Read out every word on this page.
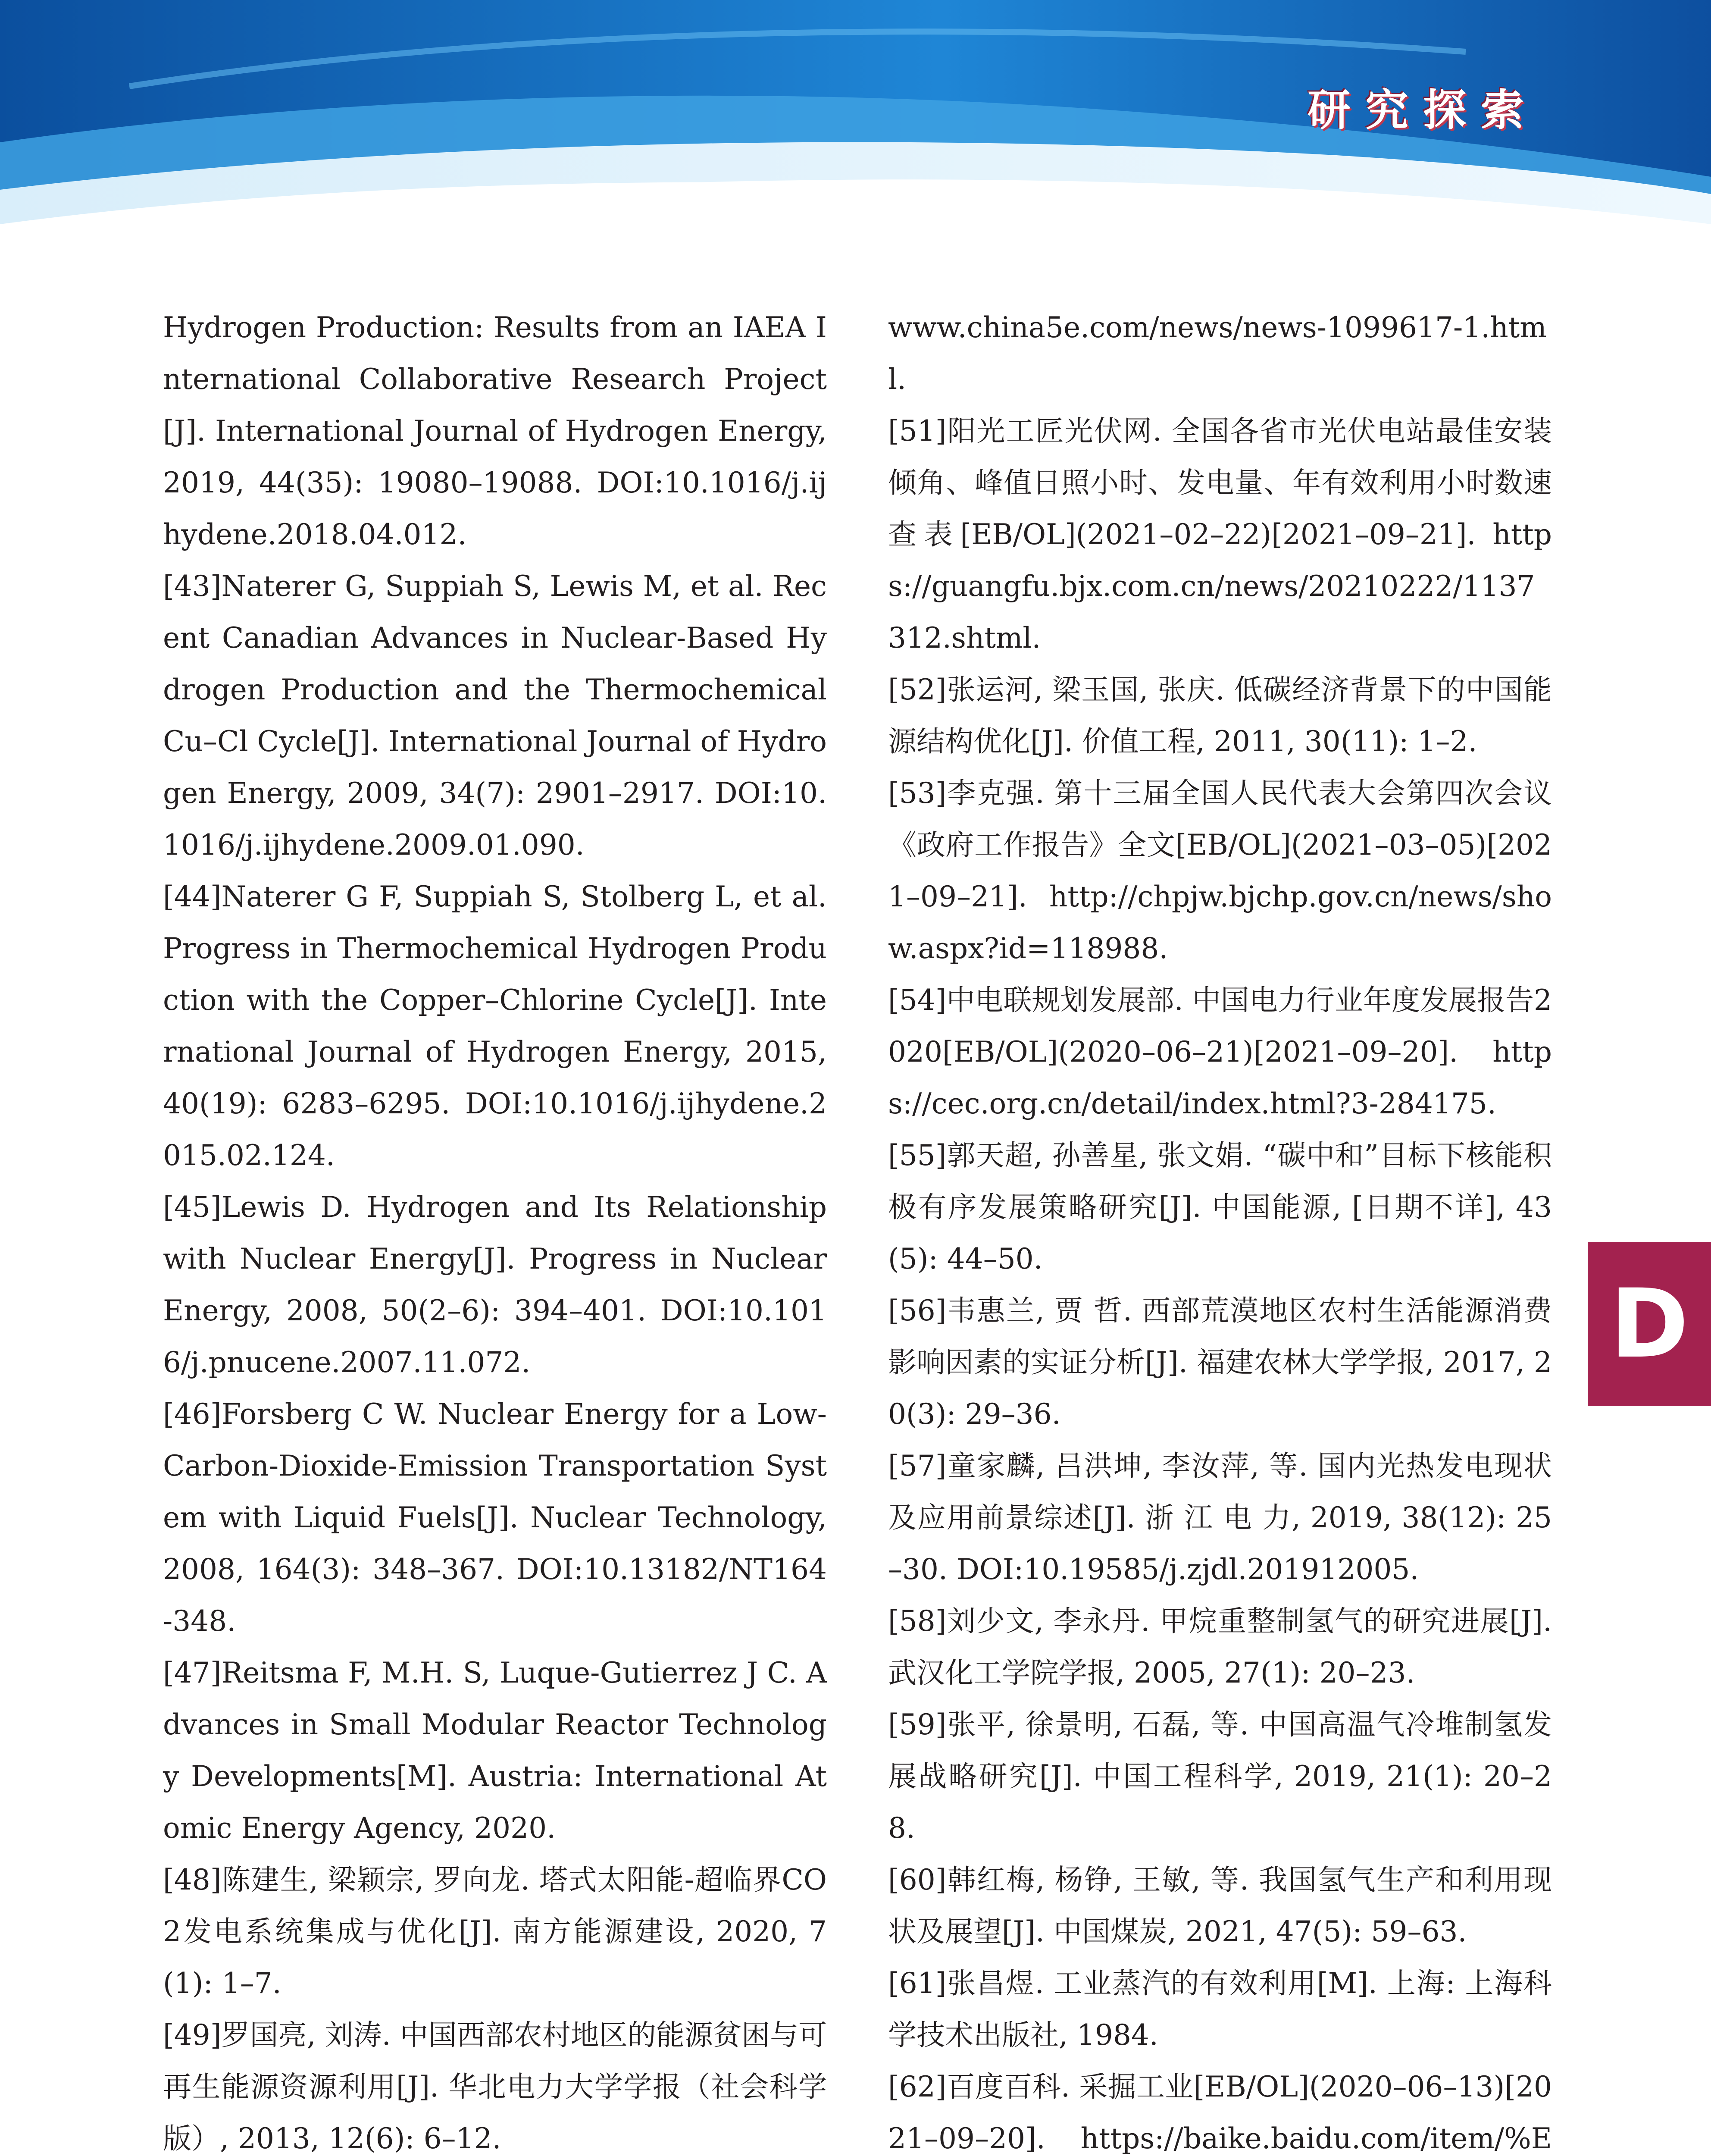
研究探索

Hydrogen Production: Results from an IAEA International Collaborative Research Project[J]. International Journal of Hydrogen Energy, 2019, 44(35): 19080–19088. DOI:10.1016/j.ijhydene.2018.04.012.

[43]Naterer G, Suppiah S, Lewis M, et al. Recent Canadian Advances in Nuclear-Based Hydrogen Production and the Thermochemical Cu–Cl Cycle[J]. International Journal of Hydrogen Energy, 2009, 34(7): 2901–2917. DOI:10.1016/j.ijhydene.2009.01.090.

[44]Naterer G F, Suppiah S, Stolberg L, et al. Progress in Thermochemical Hydrogen Production with the Copper–Chlorine Cycle[J]. International Journal of Hydrogen Energy, 2015, 40(19): 6283–6295. DOI:10.1016/j.ijhydene.2015.02.124.

[45]Lewis D. Hydrogen and Its Relationship with Nuclear Energy[J]. Progress in Nuclear Energy, 2008, 50(2–6): 394–401. DOI:10.1016/j.pnucene.2007.11.072.

[46]Forsberg C W. Nuclear Energy for a Low-Carbon-Dioxide-Emission Transportation System with Liquid Fuels[J]. Nuclear Technology, 2008, 164(3): 348–367. DOI:10.13182/NT164-348.

[47]Reitsma F, M.H. S, Luque-Gutierrez J C. Advances in Small Modular Reactor Technology Developments[M]. Austria: International Atomic Energy Agency, 2020.

[48]陈建生, 梁颖宗, 罗向龙. 塔式太阳能-超临界CO2发电系统集成与优化[J]. 南方能源建设, 2020, 7(1): 1–7.

[49]罗国亮, 刘涛. 中国西部农村地区的能源贫困与可再生能源资源利用[J]. 华北电力大学学报（社会科学版）, 2013, 12(6): 6–12.

www.china5e.com/news/news-1099617-1.html.

[51]阳光工匠光伏网. 全国各省市光伏电站最佳安装倾角、峰值日照小时、发电量、年有效利用小时数速查表[EB/OL](2021–02–22)[2021–09–21]. https://guangfu.bjx.com.cn/news/20210222/1137312.shtml.

[52]张运河, 梁玉国, 张庆. 低碳经济背景下的中国能源结构优化[J]. 价值工程, 2011, 30(11): 1–2.

[53]李克强. 第十三届全国人民代表大会第四次会议《政府工作报告》全文[EB/OL](2021–03–05)[2021–09–21]. http://chpjw.bjchp.gov.cn/news/show.aspx?id=118988.

[54]中电联规划发展部. 中国电力行业年度发展报告2020[EB/OL](2020–06–21)[2021–09–20]. https://cec.org.cn/detail/index.html?3-284175.

[55]郭天超, 孙善星, 张文娟. “碳中和”目标下核能积极有序发展策略研究[J]. 中国能源, [日期不详], 43(5): 44–50.

[56]韦惠兰, 贾 哲. 西部荒漠地区农村生活能源消费影响因素的实证分析[J]. 福建农林大学学报, 2017, 20(3): 29–36.

[57]童家麟, 吕洪坤, 李汝萍, 等. 国内光热发电现状及应用前景综述[J]. 浙 江 电 力, 2019, 38(12): 25–30. DOI:10.19585/j.zjdl.201912005.

[58]刘少文, 李永丹. 甲烷重整制氢气的研究进展[J]. 武汉化工学院学报, 2005, 27(1): 20–23.

[59]张平, 徐景明, 石磊, 等. 中国高温气冷堆制氢发展战略研究[J]. 中国工程科学, 2019, 21(1): 20–28.

[60]韩红梅, 杨铮, 王敏, 等. 我国氢气生产和利用现状及展望[J]. 中国煤炭, 2021, 47(5): 59–63.

[61]张昌煜. 工业蒸汽的有效利用[M]. 上海: 上海科学技术出版社, 1984.

[62]百度百科. 采掘工业[EB/OL](2020–06–13)[2021–09–20]. https://baike.baidu.com/item/%E

D
